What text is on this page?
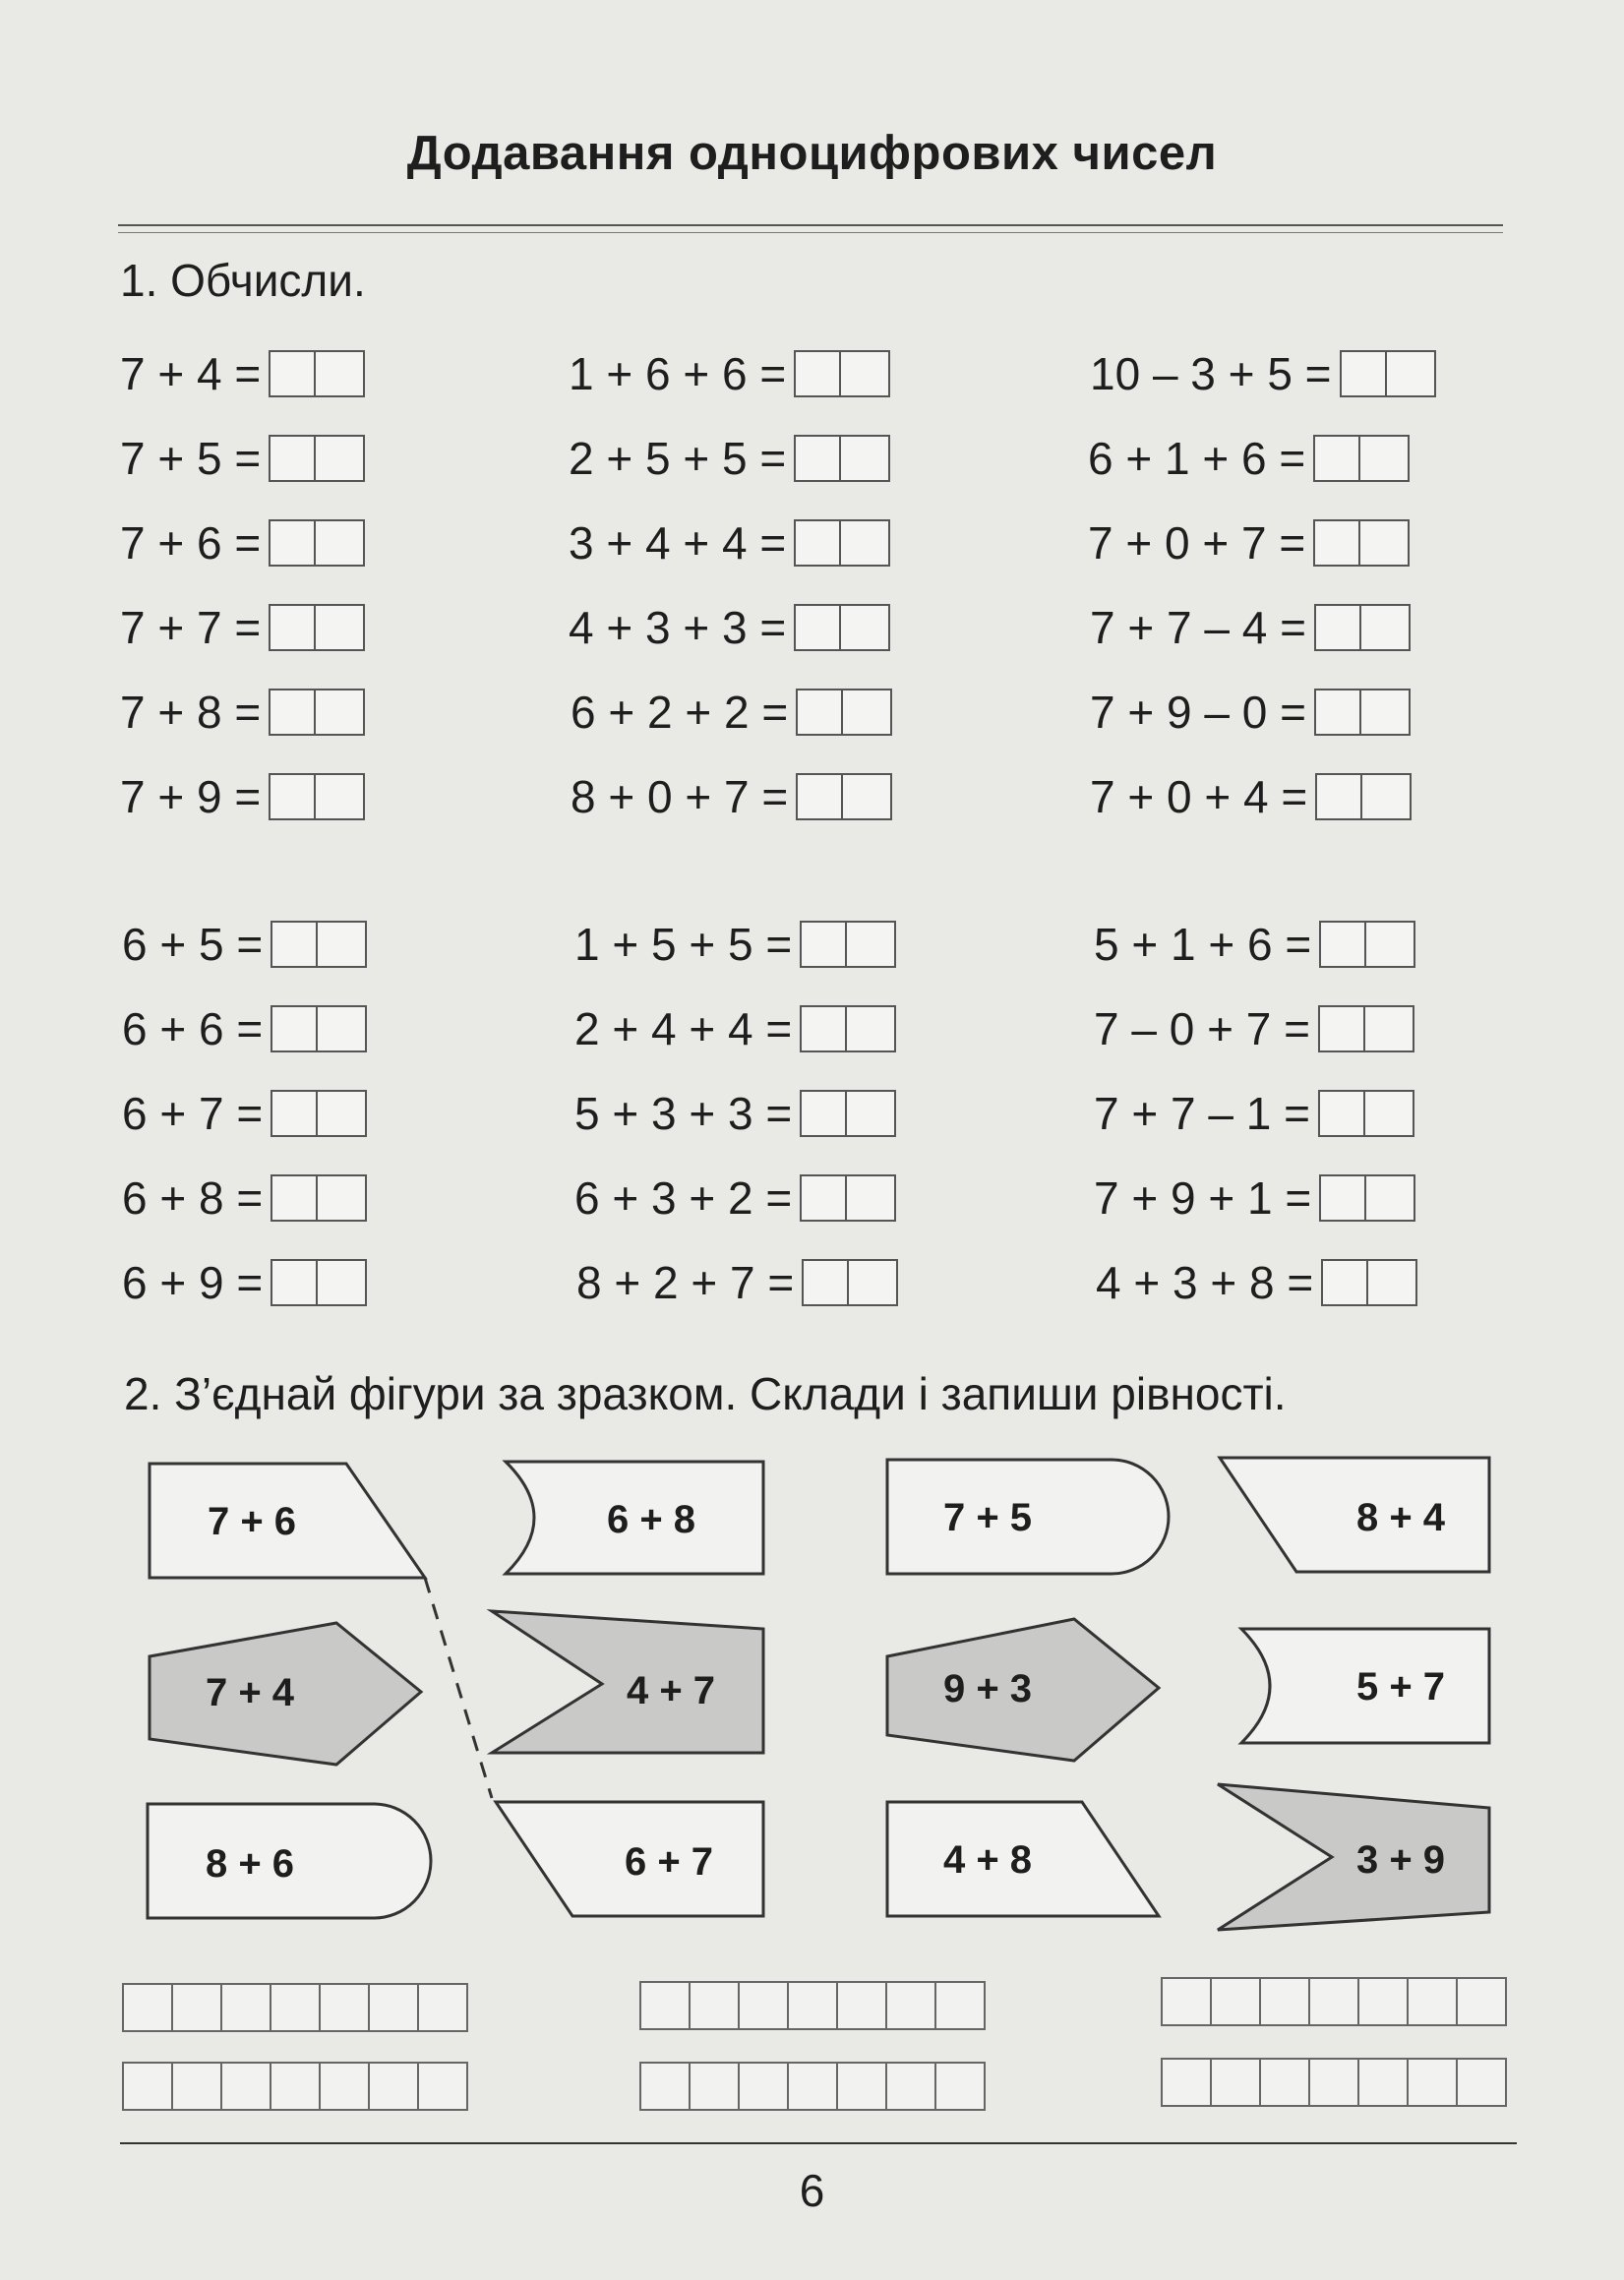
Додавання одноцифрових чисел
1. Обчисли.
7 + 4 =
7 + 5 =
7 + 6 =
7 + 7 =
7 + 8 =
7 + 9 =
6 + 5 =
6 + 6 =
6 + 7 =
6 + 8 =
6 + 9 =
1 + 6 + 6 =
2 + 5 + 5 =
3 + 4 + 4 =
4 + 3 + 3 =
6 + 2 + 2 =
8 + 0 + 7 =
1 + 5 + 5 =
2 + 4 + 4 =
5 + 3 + 3 =
6 + 3 + 2 =
8 + 2 + 7 =
10 – 3 + 5 =
6 + 1 + 6 =
7 + 0 + 7 =
7 + 7 – 4 =
7 + 9 – 0 =
7 + 0 + 4 =
5 + 1 + 6 =
7 – 0 + 7 =
7 + 7 – 1 =
7 + 9 + 1 =
4 + 3 + 8 =
2. З’єднай фігури за зразком. Склади і запиши рівності.
7 + 6	6 + 8	7 + 5	8 + 4
7 + 4	4 + 7	9 + 3	5 + 7
8 + 6	6 + 7	4 + 8	3 + 9
6
